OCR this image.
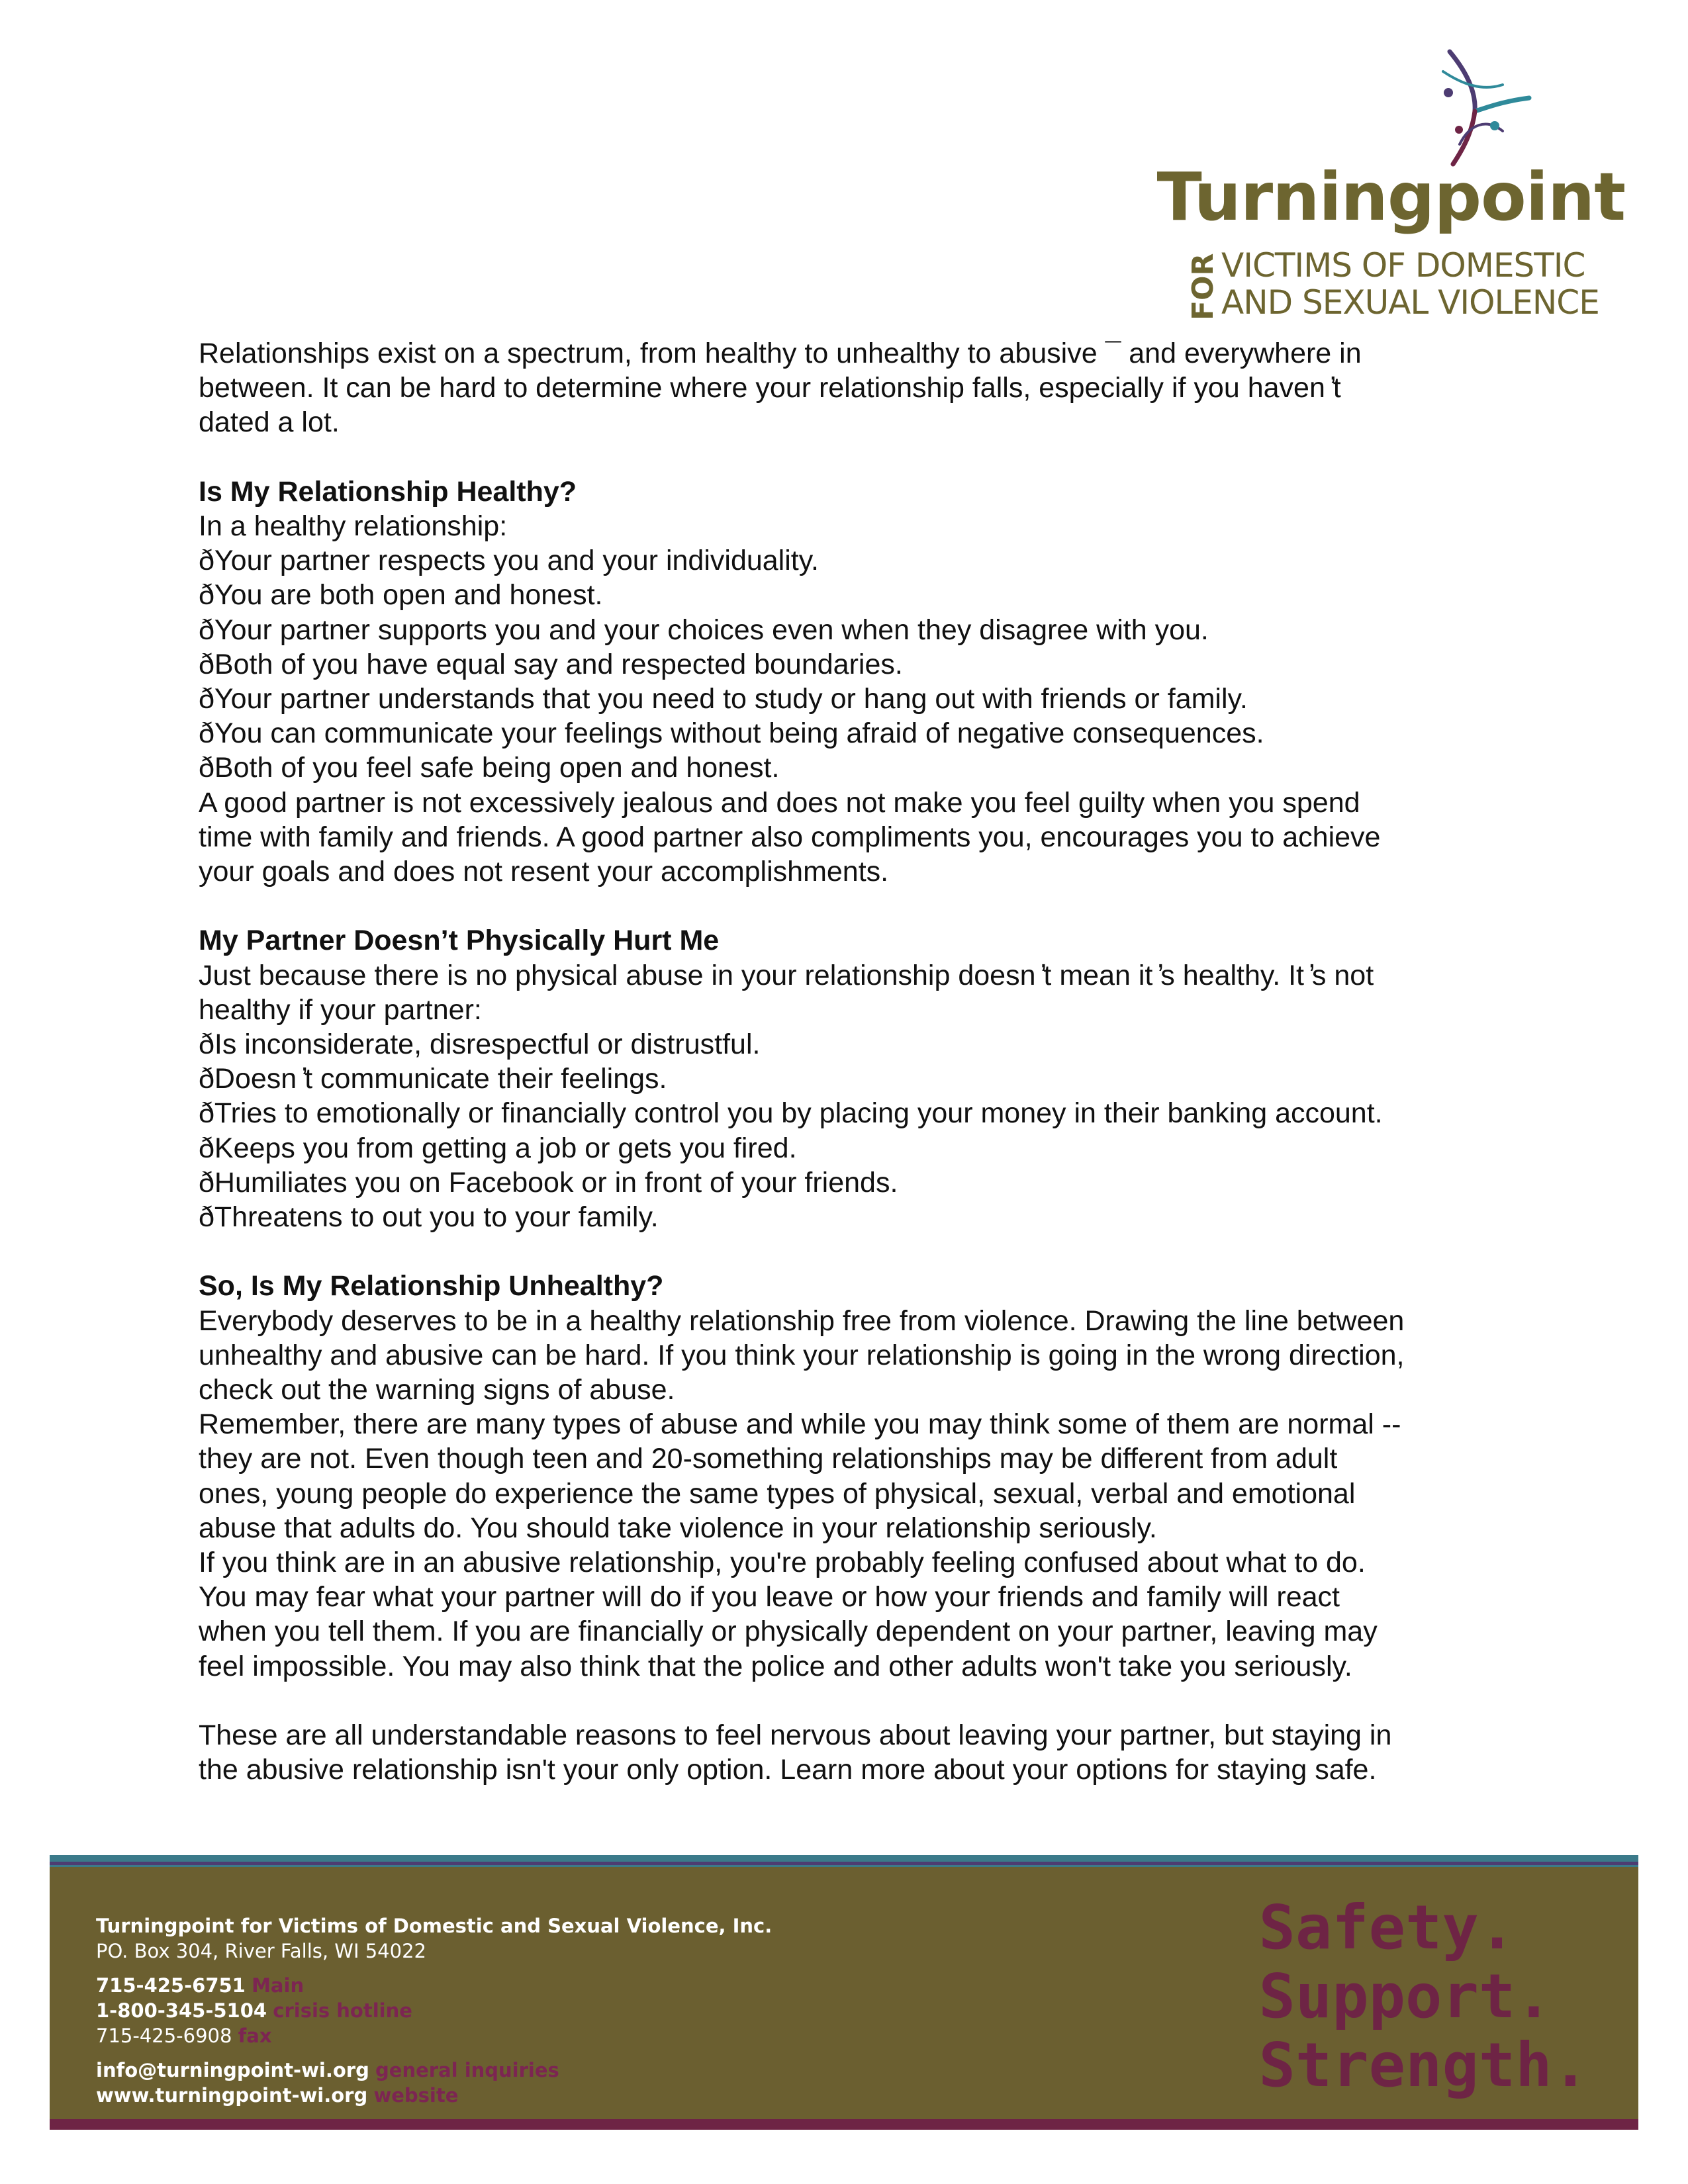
Turningpoint
FOR VICTIMS OF DOMESTIC
AND SEXUAL VIOLENCE

Relationships exist on a spectrum, from healthy to unhealthy to abusive ¯ and everywhere in

between. It can be hard to determine where your relationship falls, especially if you haven ̓t

dated a lot.

Is My Relationship Healthy?

In a healthy relationship:

ðYour partner respects you and your individuality.

ðYou are both open and honest.

ðYour partner supports you and your choices even when they disagree with you.

ðBoth of you have equal say and respected boundaries.

ðYour partner understands that you need to study or hang out with friends or family.

ðYou can communicate your feelings without being afraid of negative consequences.

ðBoth of you feel safe being open and honest.

A good partner is not excessively jealous and does not make you feel guilty when you spend

time with family and friends. A good partner also compliments you, encourages you to achieve

your goals and does not resent your accomplishments.

My Partner Doesn’t Physically Hurt Me

Just because there is no physical abuse in your relationship doesn ̓t mean it ̓s healthy. It ̓s not

healthy if your partner:

ðIs inconsiderate, disrespectful or distrustful.

ðDoesn ̓t communicate their feelings.

ðTries to emotionally or financially control you by placing your money in their banking account.

ðKeeps you from getting a job or gets you fired.

ðHumiliates you on Facebook or in front of your friends.

ðThreatens to out you to your family.

So, Is My Relationship Unhealthy?

Everybody deserves to be in a healthy relationship free from violence. Drawing the line between

unhealthy and abusive can be hard. If you think your relationship is going in the wrong direction,

check out the warning signs of abuse.

Remember, there are many types of abuse and while you may think some of them are normal --

they are not. Even though teen and 20-something relationships may be different from adult

ones, young people do experience the same types of physical, sexual, verbal and emotional

abuse that adults do. You should take violence in your relationship seriously.

If you think are in an abusive relationship, you're probably feeling confused about what to do.

You may fear what your partner will do if you leave or how your friends and family will react

when you tell them. If you are financially or physically dependent on your partner, leaving may

feel impossible. You may also think that the police and other adults won't take you seriously.

These are all understandable reasons to feel nervous about leaving your partner, but staying in

the abusive relationship isn't your only option. Learn more about your options for staying safe.

Turningpoint for Victims of Domestic and Sexual Violence, Inc.
PO. Box 304, River Falls, WI 54022
715-425-6751 Main
1-800-345-5104 crisis hotline
715-425-6908 fax
info@turningpoint-wi.org general inquiries
www.turningpoint-wi.org website
Safety.
Support.
Strength.
